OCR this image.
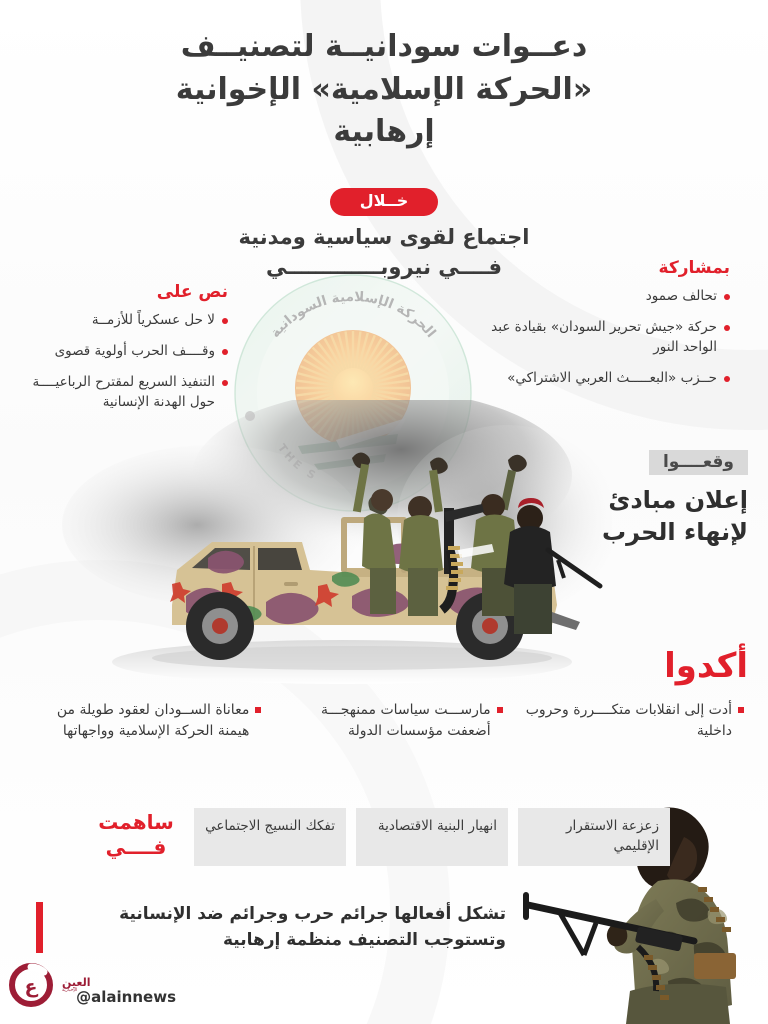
الحركة الإسلامية السودانية
دعــوات سودانيــة لتصنيــف
«الحركة الإسلامية» الإخوانية
إرهابية
خــلال
اجتماع لقوى سياسية ومدنية
فــــي نيروبـــــــــــــي
نص على
لا حل عسكرياً للأزمــة
وقــــف الحرب أولوية قصوى
التنفيذ السريع لمقترح الرباعيــــة حول الهدنة الإنسانية
بمشاركة
تحالف صمود
حركة «جيش تحرير السودان» بقيادة عبد الواحد النور
حــزب «البعـــــث العربي الاشتراكي»
وقعــــوا
إعلان مبادئ
لإنهاء الحرب
أكدوا
أدت إلى انقلابات متكــــررة وحروب داخلية
مارســـت سياسات ممنهجـــة أضعفت مؤسسات الدولة
معاناة الســودان لعقود طويلة من هيمنة الحركة الإسلامية وواجهاتها
زعزعة الاستقرار الإقليمي
انهيار البنية الاقتصادية
تفكك النسيج الاجتماعي
ساهمت
فــــي
تشكل أفعالها جرائم حرب وجرائم ضد الإنسانية
وتستوجب التصنيف منظمة إرهابية
ع العين
الإخبارية
@alainnews
